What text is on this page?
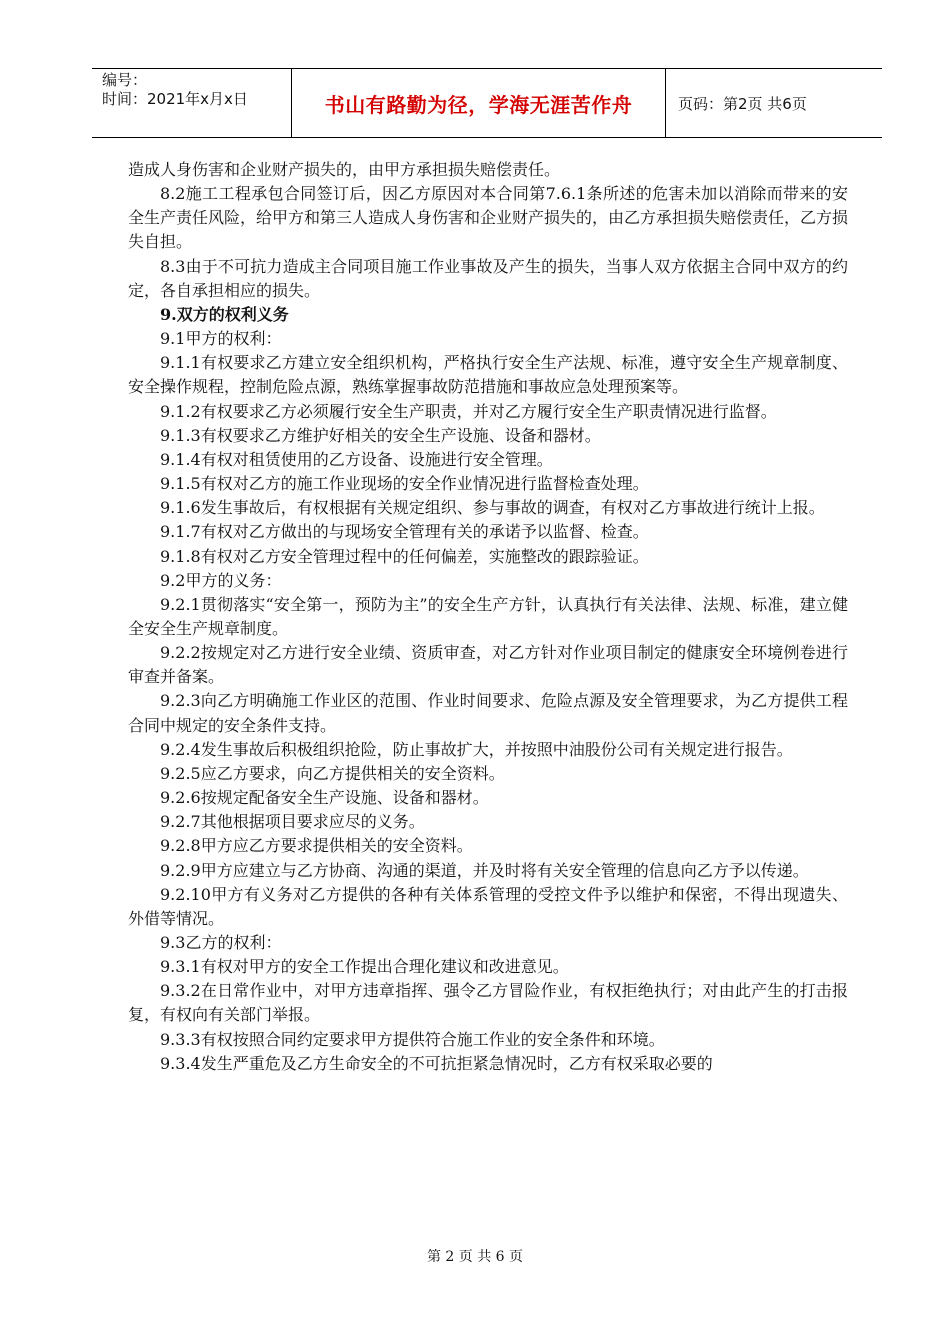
编号：
时间：2021年x月x日	书山有路勤为径，学海无涯苦作舟	页码：第2页 共6页

造成人身伤害和企业财产损失的，由甲方承担损失赔偿责任。

8.2施工工程承包合同签订后，因乙方原因对本合同第7.6.1条所述的危害未加以消除而带来的安全生产责任风险，给甲方和第三人造成人身伤害和企业财产损失的，由乙方承担损失赔偿责任，乙方损失自担。

8.3由于不可抗力造成主合同项目施工作业事故及产生的损失，当事人双方依据主合同中双方的约定，各自承担相应的损失。

9.双方的权利义务

9.1甲方的权利：

9.1.1有权要求乙方建立安全组织机构，严格执行安全生产法规、标准，遵守安全生产规章制度、安全操作规程，控制危险点源，熟练掌握事故防范措施和事故应急处理预案等。

9.1.2有权要求乙方必须履行安全生产职责，并对乙方履行安全生产职责情况进行监督。

9.1.3有权要求乙方维护好相关的安全生产设施、设备和器材。

9.1.4有权对租赁使用的乙方设备、设施进行安全管理。

9.1.5有权对乙方的施工作业现场的安全作业情况进行监督检查处理。

9.1.6发生事故后，有权根据有关规定组织、参与事故的调查，有权对乙方事故进行统计上报。

9.1.7有权对乙方做出的与现场安全管理有关的承诺予以监督、检查。

9.1.8有权对乙方安全管理过程中的任何偏差，实施整改的跟踪验证。

9.2甲方的义务：

9.2.1贯彻落实“安全第一，预防为主”的安全生产方针，认真执行有关法律、法规、标准，建立健全安全生产规章制度。

9.2.2按规定对乙方进行安全业绩、资质审查，对乙方针对作业项目制定的健康安全环境例卷进行审查并备案。

9.2.3向乙方明确施工作业区的范围、作业时间要求、危险点源及安全管理要求，为乙方提供工程合同中规定的安全条件支持。

9.2.4发生事故后积极组织抢险，防止事故扩大，并按照中油股份公司有关规定进行报告。

9.2.5应乙方要求，向乙方提供相关的安全资料。

9.2.6按规定配备安全生产设施、设备和器材。

9.2.7其他根据项目要求应尽的义务。

9.2.8甲方应乙方要求提供相关的安全资料。

9.2.9甲方应建立与乙方协商、沟通的渠道，并及时将有关安全管理的信息向乙方予以传递。

9.2.10甲方有义务对乙方提供的各种有关体系管理的受控文件予以维护和保密，不得出现遗失、外借等情况。

9.3乙方的权利：

9.3.1有权对甲方的安全工作提出合理化建议和改进意见。

9.3.2在日常作业中，对甲方违章指挥、强令乙方冒险作业，有权拒绝执行；对由此产生的打击报复，有权向有关部门举报。

9.3.3有权按照合同约定要求甲方提供符合施工作业的安全条件和环境。

9.3.4发生严重危及乙方生命安全的不可抗拒紧急情况时，乙方有权采取必要的

第 2 页 共 6 页
